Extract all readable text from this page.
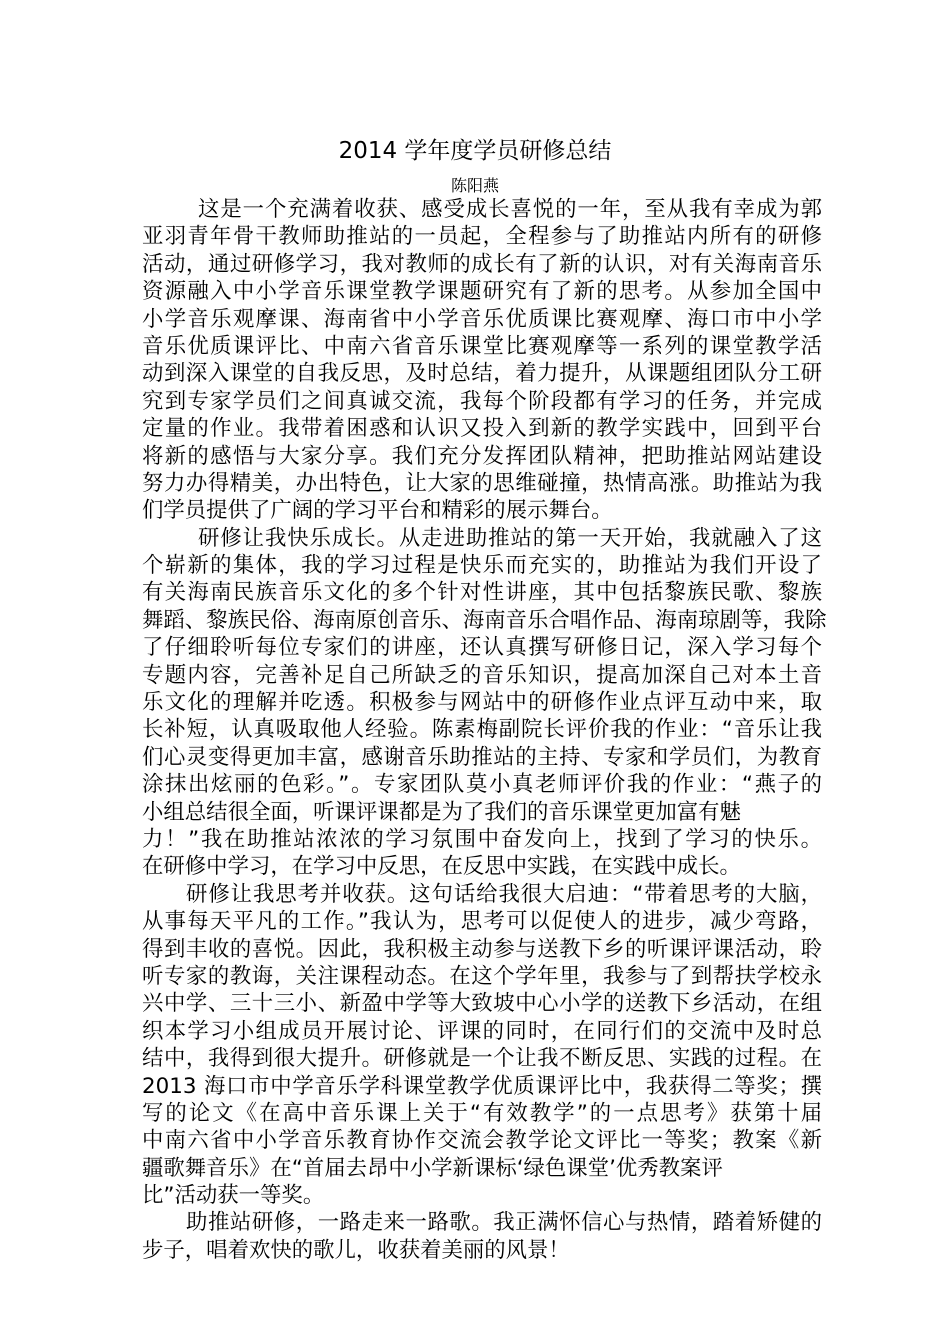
2014 学年度学员研修总结
陈阳燕
这是一个充满着收获、感受成长喜悦的一年，至从我有幸成为郭
亚羽青年骨干教师助推站的一员起，全程参与了助推站内所有的研修
活动，通过研修学习，我对教师的成长有了新的认识，对有关海南音乐
资源融入中小学音乐课堂教学课题研究有了新的思考。从参加全国中
小学音乐观摩课、海南省中小学音乐优质课比赛观摩、海口市中小学
音乐优质课评比、中南六省音乐课堂比赛观摩等一系列的课堂教学活
动到深入课堂的自我反思，及时总结，着力提升，从课题组团队分工研
究到专家学员们之间真诚交流，我每个阶段都有学习的任务，并完成
定量的作业。我带着困惑和认识又投入到新的教学实践中，回到平台
将新的感悟与大家分享。我们充分发挥团队精神，把助推站网站建设
努力办得精美，办出特色，让大家的思维碰撞，热情高涨。助推站为我
们学员提供了广阔的学习平台和精彩的展示舞台。
研修让我快乐成长。从走进助推站的第一天开始，我就融入了这
个崭新的集体，我的学习过程是快乐而充实的，助推站为我们开设了
有关海南民族音乐文化的多个针对性讲座，其中包括黎族民歌、黎族
舞蹈、黎族民俗、海南原创音乐、海南音乐合唱作品、海南琼剧等，我除
了仔细聆听每位专家们的讲座，还认真撰写研修日记，深入学习每个
专题内容，完善补足自己所缺乏的音乐知识，提高加深自己对本土音
乐文化的理解并吃透。积极参与网站中的研修作业点评互动中来，取
长补短，认真吸取他人经验。陈素梅副院长评价我的作业：“音乐让我
们心灵变得更加丰富，感谢音乐助推站的主持、专家和学员们，为教育
涂抹出炫丽的色彩。”。专家团队莫小真老师评价我的作业：“燕子的
小组总结很全面，听课评课都是为了我们的音乐课堂更加富有魅
力！”我在助推站浓浓的学习氛围中奋发向上，找到了学习的快乐。
在研修中学习，在学习中反思，在反思中实践，在实践中成长。
研修让我思考并收获。这句话给我很大启迪：“带着思考的大脑，
从事每天平凡的工作。”我认为，思考可以促使人的进步，减少弯路，
得到丰收的喜悦。因此，我积极主动参与送教下乡的听课评课活动，聆
听专家的教诲，关注课程动态。在这个学年里，我参与了到帮扶学校永
兴中学、三十三小、新盈中学等大致坡中心小学的送教下乡活动，在组
织本学习小组成员开展讨论、评课的同时，在同行们的交流中及时总
结中，我得到很大提升。研修就是一个让我不断反思、实践的过程。在
2013 海口市中学音乐学科课堂教学优质课评比中，我获得二等奖；撰
写的论文《在高中音乐课上关于“有效教学”的一点思考》获第十届
中南六省中小学音乐教育协作交流会教学论文评比一等奖；教案《新
疆歌舞音乐》在“首届去昂中小学新课标‘绿色课堂’优秀教案评
比”活动获一等奖。
助推站研修，一路走来一路歌。我正满怀信心与热情，踏着矫健的
步子，唱着欢快的歌儿，收获着美丽的风景！
